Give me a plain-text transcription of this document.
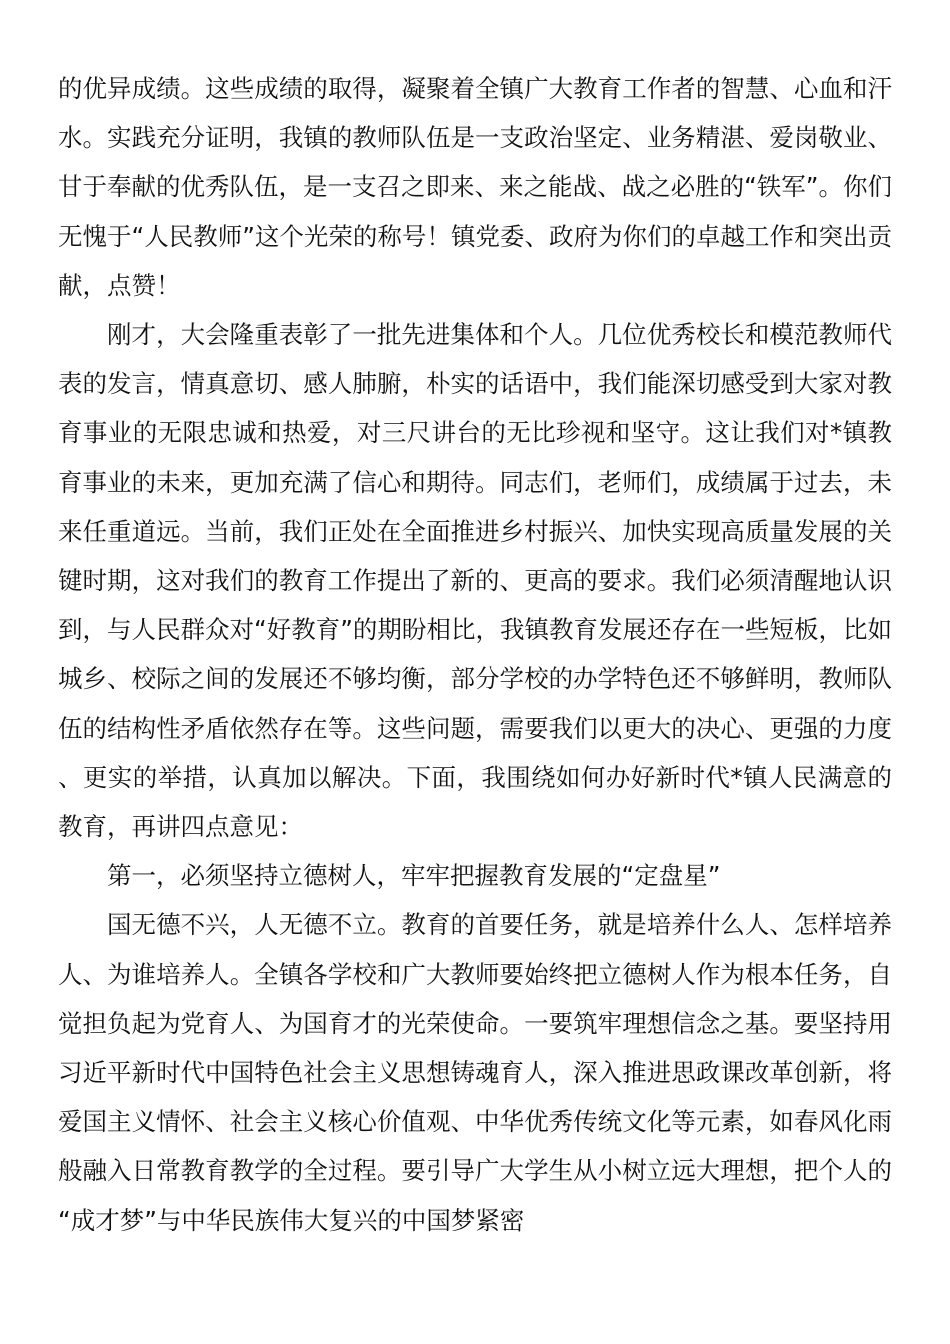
的优异成绩。这些成绩的取得，凝聚着全镇广大教育工作者的智慧、心血和汗水。实践充分证明，我镇的教师队伍是一支政治坚定、业务精湛、爱岗敬业、甘于奉献的优秀队伍，是一支召之即来、来之能战、战之必胜的“铁军”。你们无愧于“人民教师”这个光荣的称号！镇党委、政府为你们的卓越工作和突出贡献，点赞！

刚才，大会隆重表彰了一批先进集体和个人。几位优秀校长和模范教师代表的发言，情真意切、感人肺腑，朴实的话语中，我们能深切感受到大家对教育事业的无限忠诚和热爱，对三尺讲台的无比珍视和坚守。这让我们对*镇教育事业的未来，更加充满了信心和期待。同志们，老师们，成绩属于过去，未来任重道远。当前，我们正处在全面推进乡村振兴、加快实现高质量发展的关键时期，这对我们的教育工作提出了新的、更高的要求。我们必须清醒地认识到，与人民群众对“好教育”的期盼相比，我镇教育发展还存在一些短板，比如城乡、校际之间的发展还不够均衡，部分学校的办学特色还不够鲜明，教师队伍的结构性矛盾依然存在等。这些问题，需要我们以更大的决心、更强的力度、更实的举措，认真加以解决。下面，我围绕如何办好新时代*镇人民满意的教育，再讲四点意见：

第一，必须坚持立德树人，牢牢把握教育发展的“定盘星”

国无德不兴，人无德不立。教育的首要任务，就是培养什么人、怎样培养人、为谁培养人。全镇各学校和广大教师要始终把立德树人作为根本任务，自觉担负起为党育人、为国育才的光荣使命。一要筑牢理想信念之基。要坚持用习近平新时代中国特色社会主义思想铸魂育人，深入推进思政课改革创新，将爱国主义情怀、社会主义核心价值观、中华优秀传统文化等元素，如春风化雨般融入日常教育教学的全过程。要引导广大学生从小树立远大理想，把个人的“成才梦”与中华民族伟大复兴的中国梦紧密
